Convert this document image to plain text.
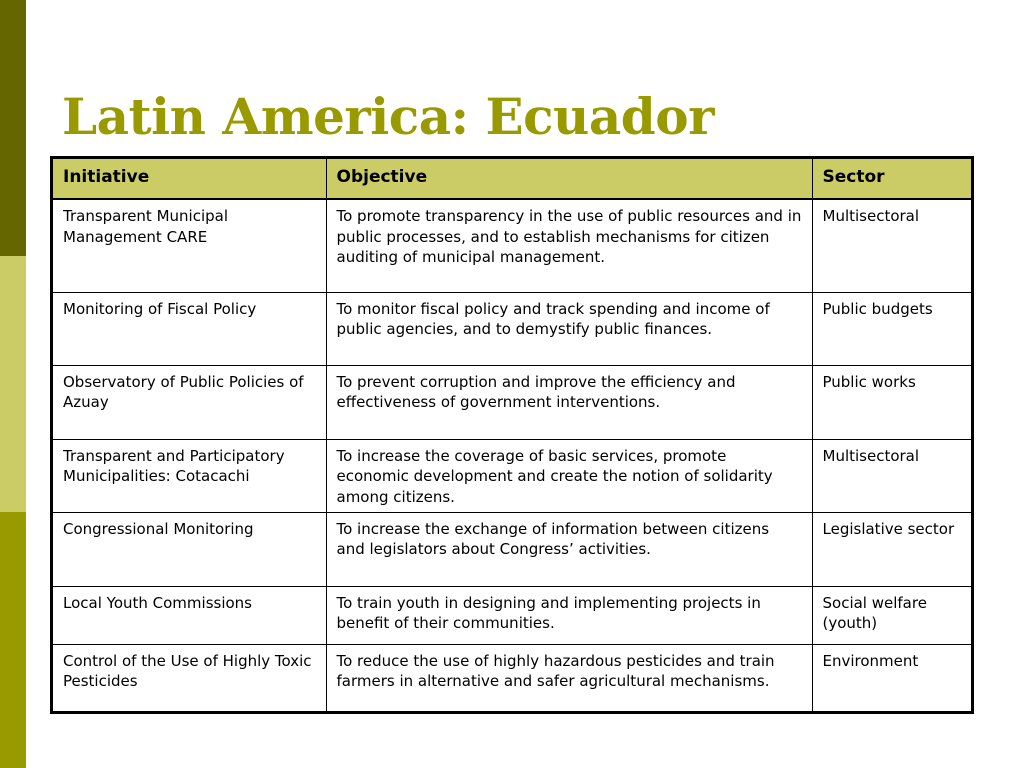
Latin America: Ecuador
Initiative	Objective	Sector
Transparent Municipal Management CARE	To promote transparency in the use of public resources and in public processes, and to establish mechanisms for citizen auditing of municipal management.	Multisectoral
Monitoring of Fiscal Policy	To monitor fiscal policy and track spending and income of public agencies, and to demystify public finances.	Public budgets
Observatory of Public Policies of Azuay	To prevent corruption and improve the efficiency and effectiveness of government interventions.	Public works
Transparent and Participatory Municipalities: Cotacachi	To increase the coverage of basic services, promote economic development and create the notion of solidarity among citizens.	Multisectoral
Congressional Monitoring	To increase the exchange of information between citizens and legislators about Congress’ activities.	Legislative sector
Local Youth Commissions	To train youth in designing and implementing projects in benefit of their communities.	Social welfare (youth)
Control of the Use of Highly Toxic Pesticides	To reduce the use of highly hazardous pesticides and train farmers in alternative and safer agricultural mechanisms.	Environment
